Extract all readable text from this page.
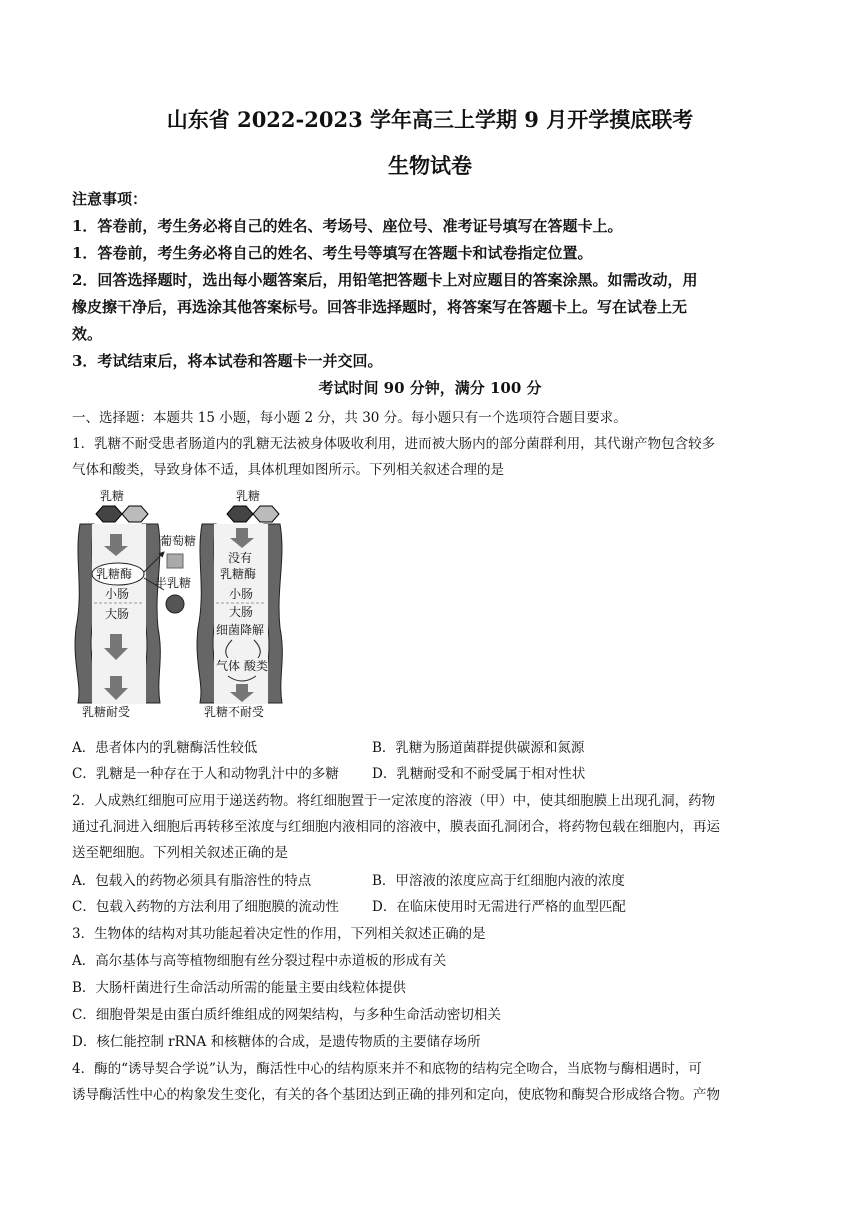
山东省 2022-2023 学年高三上学期 9 月开学摸底联考
生物试卷
注意事项：
1．答卷前，考生务必将自己的姓名、考场号、座位号、准考证号填写在答题卡上。
1．答卷前，考生务必将自己的姓名、考生号等填写在答题卡和试卷指定位置。
2．回答选择题时，选出每小题答案后，用铅笔把答题卡上对应题目的答案涂黑。如需改动，用
橡皮擦干净后，再选涂其他答案标号。回答非选择题时，将答案写在答题卡上。写在试卷上无
效。
3．考试结束后，将本试卷和答题卡一并交回。
考试时间 90 分钟，满分 100 分
一、选择题：本题共 15 小题，每小题 2 分，共 30 分。每小题只有一个选项符合题目要求。
1．乳糖不耐受患者肠道内的乳糖无法被身体吸收利用，进而被大肠内的部分菌群利用，其代谢产物包含较多
气体和酸类，导致身体不适，具体机理如图所示。下列相关叙述合理的是
乳糖
乳糖酶
小肠
大肠
乳糖耐受
葡萄糖
半乳糖
乳糖
没有
乳糖酶
小肠
大肠
细菌降解
气体 酸类
乳糖不耐受
A．患者体内的乳糖酶活性较低	B．乳糖为肠道菌群提供碳源和氮源
C．乳糖是一种存在于人和动物乳汁中的多糖 D．乳糖耐受和不耐受属于相对性状
2．人成熟红细胞可应用于递送药物。将红细胞置于一定浓度的溶液（甲）中，使其细胞膜上出现孔洞，药物
通过孔洞进入细胞后再转移至浓度与红细胞内液相同的溶液中，膜表面孔洞闭合，将药物包载在细胞内，再运
送至靶细胞。下列相关叙述正确的是
A．包载入的药物必须具有脂溶性的特点	B．甲溶液的浓度应高于红细胞内液的浓度
C．包载入药物的方法利用了细胞膜的流动性 D．在临床使用时无需进行严格的血型匹配
3．生物体的结构对其功能起着决定性的作用，下列相关叙述正确的是
A．高尔基体与高等植物细胞有丝分裂过程中赤道板的形成有关
B．大肠杆菌进行生命活动所需的能量主要由线粒体提供
C．细胞骨架是由蛋白质纤维组成的网架结构，与多种生命活动密切相关
D．核仁能控制 rRNA 和核糖体的合成，是遗传物质的主要储存场所
4．酶的“诱导契合学说”认为，酶活性中心的结构原来并不和底物的结构完全吻合，当底物与酶相遇时，可
诱导酶活性中心的构象发生变化，有关的各个基团达到正确的排列和定向，使底物和酶契合形成络合物。产物
